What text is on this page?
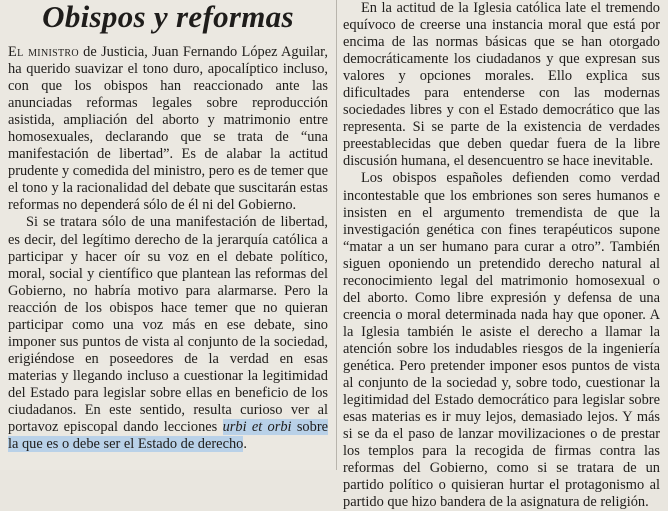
Obispos y reformas

El ministro de Justicia, Juan Fernando López Aguilar, ha querido suavizar el tono duro, apocalíptico incluso, con que los obispos han reaccionado ante las anunciadas reformas legales sobre reproducción asistida, ampliación del aborto y matrimonio entre homosexuales, declarando que se trata de “una manifestación de libertad”. Es de alabar la actitud prudente y comedida del ministro, pero es de temer que el tono y la racionalidad del debate que suscitarán estas reformas no dependerá sólo de él ni del Gobierno.

Si se tratara sólo de una manifestación de libertad, es decir, del legítimo derecho de la jerarquía católica a participar y hacer oír su voz en el debate político, moral, social y científico que plantean las reformas del Gobierno, no habría motivo para alarmarse. Pero la reacción de los obispos hace temer que no quieran participar como una voz más en ese debate, sino imponer sus puntos de vista al conjunto de la sociedad, erigiéndose en poseedores de la verdad en esas materias y llegando incluso a cuestionar la legitimidad del Estado para legislar sobre ellas en beneficio de los ciudadanos. En este sentido, resulta curioso ver al portavoz episcopal dando lecciones urbi et orbi sobre la que es o debe ser el Estado de derecho.

En la actitud de la Iglesia católica late el tremendo equívoco de creerse una instancia moral que está por encima de las normas básicas que se han otorgado democráticamente los ciudadanos y que expresan sus valores y opciones morales. Ello explica sus dificultades para entenderse con las modernas sociedades libres y con el Estado democrático que las representa. Si se parte de la existencia de verdades preestablecidas que deben quedar fuera de la libre discusión humana, el desencuentro se hace inevitable.

Los obispos españoles defienden como verdad incontestable que los embriones son seres humanos e insisten en el argumento tremendista de que la investigación genética con fines terapéuticos supone “matar a un ser humano para curar a otro”. También siguen oponiendo un pretendido derecho natural al reconocimiento legal del matrimonio homosexual o del aborto. Como libre expresión y defensa de una creencia o moral determinada nada hay que oponer. A la Iglesia también le asiste el derecho a llamar la atención sobre los indudables riesgos de la ingeniería genética. Pero pretender imponer esos puntos de vista al conjunto de la sociedad y, sobre todo, cuestionar la legitimidad del Estado democrático para legislar sobre esas materias es ir muy lejos, demasiado lejos. Y más si se da el paso de lanzar movilizaciones o de prestar los templos para la recogida de firmas contra las reformas del Gobierno, como si se tratara de un partido político o quisieran hurtar el protagonismo al partido que hizo bandera de la asignatura de religión.
